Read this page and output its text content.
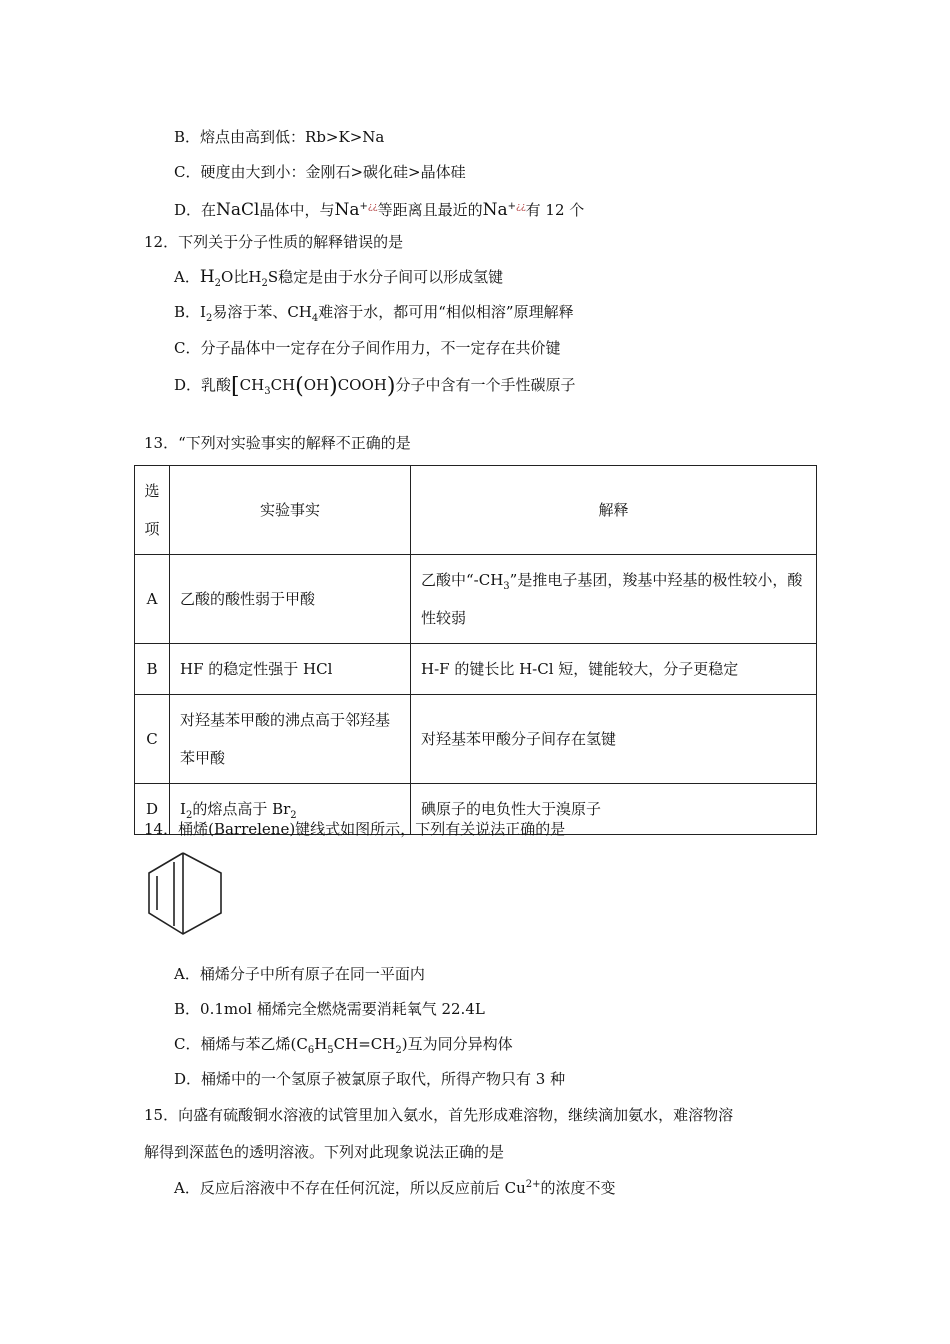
B．熔点由高到低：Rb>K>Na
C．硬度由大到小：金刚石>碳化硅>晶体硅
D．在NaCl晶体中，与Na+¿¿等距离且最近的Na+¿¿有 12 个
12．下列关于分子性质的解释错误的是
A．$H_2O$比$H_2S$稳定是由于水分子间可以形成氢键
B．$I_2$易溶于苯、$CH_4$难溶于水，都可用“相似相溶”原理解释
C．分子晶体中一定存在分子间作用力，不一定存在共价键
D．乳酸$[CH_3CH(OH)COOH)$分子中含有一个手性碳原子
13．“下列对实验事实的解释不正确的是
选
项	实验事实	解释
A	乙酸的酸性弱于甲酸	乙酸中“$-CH_3$”是推电子基团，羧基中羟基的极性较小，酸性较弱
B	HF 的稳定性强于 HCl	H-F 的键长比 H-Cl 短，键能较大，分子更稳定
C	对羟基苯甲酸的沸点高于邻羟基苯甲酸	对羟基苯甲酸分子间存在氢键
D	$I_2$的熔点高于 $Br_2$	碘原子的电负性大于溴原子
14．桶烯(Barrelene)键线式如图所示，下列有关说法正确的是
A．桶烯分子中所有原子在同一平面内
B．0.1mol 桶烯完全燃烧需要消耗氧气 22.4L
C．桶烯与苯乙烯$(C_6H_5CH=CH_2)$互为同分异构体
D．桶烯中的一个氢原子被氯原子取代，所得产物只有 3 种
15．向盛有硫酸铜水溶液的试管里加入氨水，首先形成难溶物，继续滴加氨水，难溶物溶
解得到深蓝色的透明溶液。下列对此现象说法正确的是
A．反应后溶液中不存在任何沉淀，所以反应前后 $Cu^{2+}$的浓度不变
